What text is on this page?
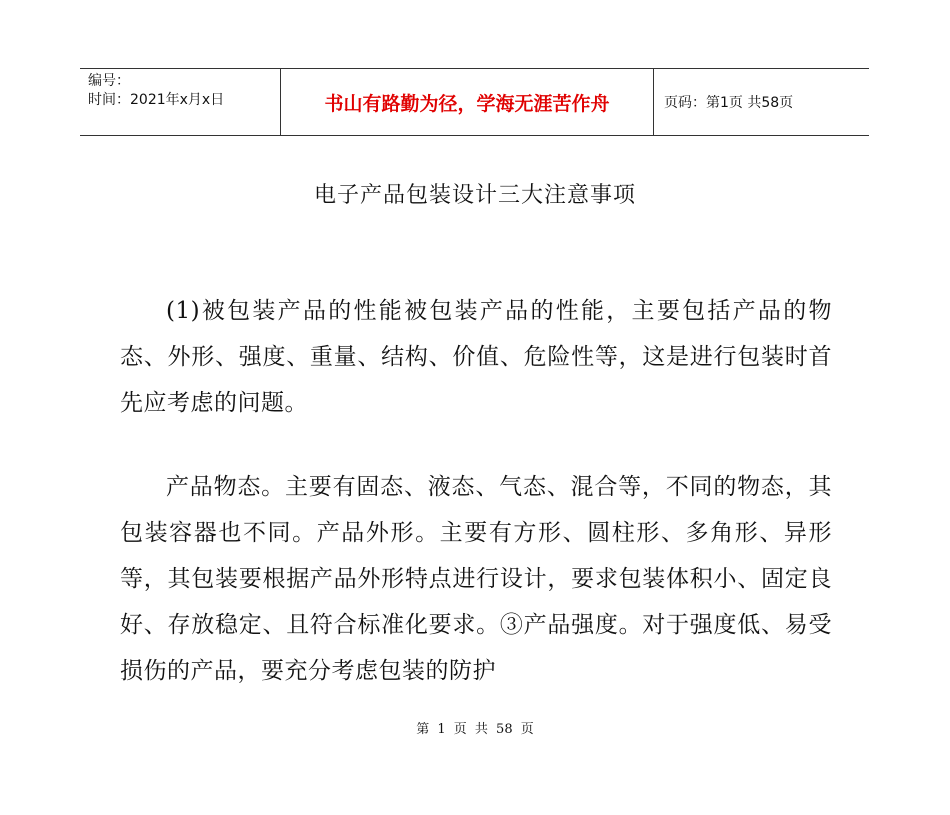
编号：
时间：2021年x月x日	书山有路勤为径，学海无涯苦作舟	页码：第1页 共58页
电子产品包装设计三大注意事项
(1)被包装产品的性能被包装产品的性能，主要包括产品的物态、外形、强度、重量、结构、价值、危险性等，这是进行包装时首先应考虑的问题。
产品物态。主要有固态、液态、气态、混合等，不同的物态，其包装容器也不同。产品外形。主要有方形、圆柱形、多角形、异形等，其包装要根据产品外形特点进行设计，要求包装体积小、固定良好、存放稳定、且符合标准化要求。③产品强度。对于强度低、易受损伤的产品，要充分考虑包装的防护
第 1 页 共 58 页
